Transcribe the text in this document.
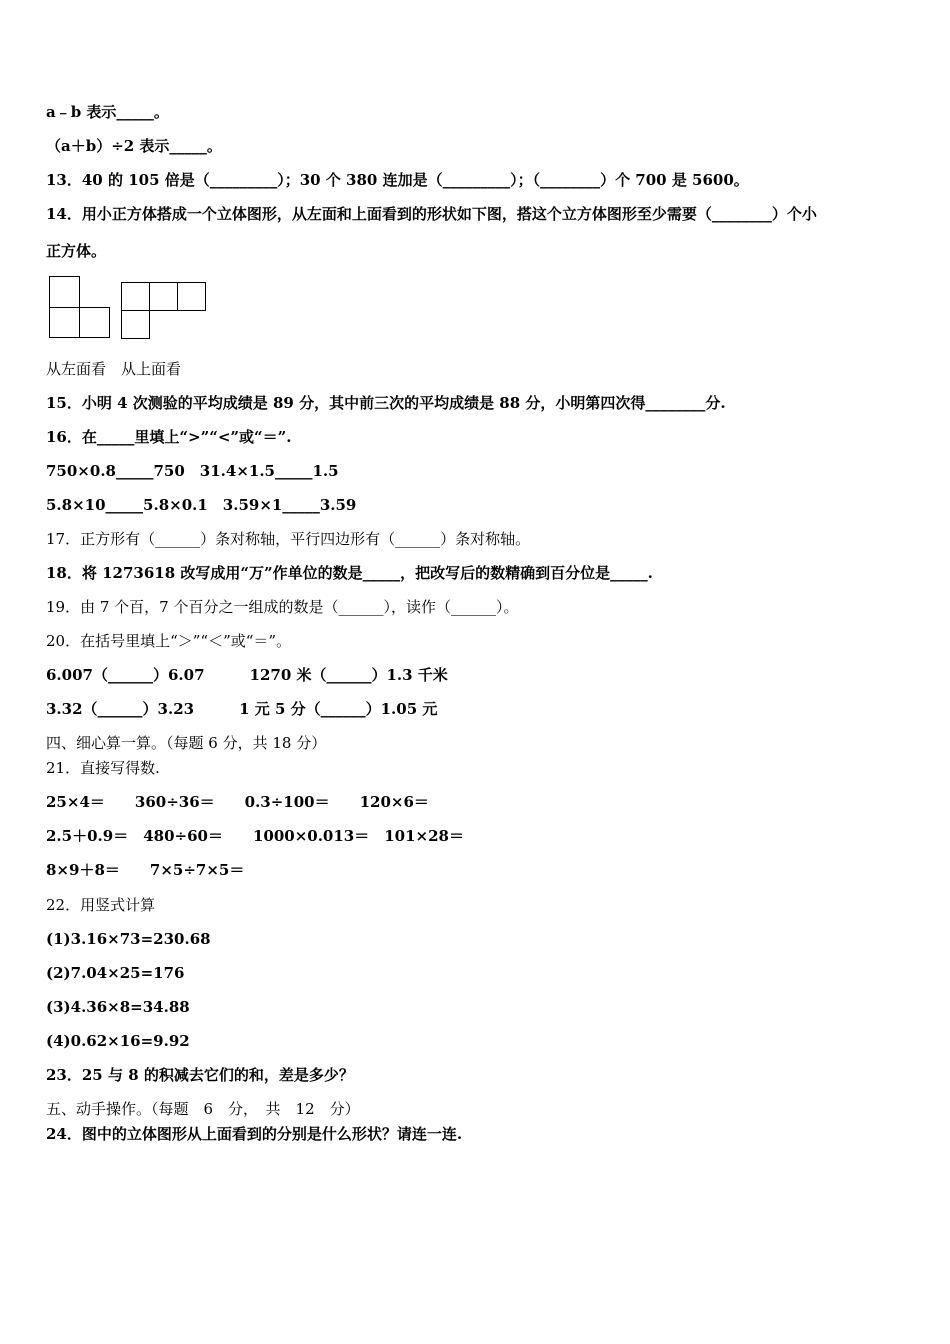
a﹣b 表示_____。
（a＋b）÷2 表示_____。
13．40 的 105 倍是（_________）；30 个 380 连加是（_________）；（________）个 700 是 5600。
14．用小正方体搭成一个立体图形，从左面和上面看到的形状如下图，搭这个立方体图形至少需要（________）个小
正方体。
从左面看　从上面看
15．小明 4 次测验的平均成绩是 89 分，其中前三次的平均成绩是 88 分，小明第四次得________分.
16．在_____里填上“>”“<”或“＝”.
750×0.8_____750　31.4×1.5_____1.5
5.8×10_____5.8×0.1　3.59×1_____3.59
17．正方形有（______）条对称轴，平行四边形有（______）条对称轴。
18．将 1273618 改写成用“万”作单位的数是_____，把改写后的数精确到百分位是_____.
19．由 7 个百，7 个百分之一组成的数是（______），读作（______）。
20．在括号里填上“＞”“＜”或“＝”。
6.007（______）6.07　　　1270 米（______）1.3 千米
3.32（______）3.23　　　1 元 5 分（______）1.05 元
四、细心算一算。（每题 6 分，共 18 分）
21．直接写得数.
25×4＝　　360÷36＝　　0.3÷100＝　　120×6＝
2.5＋0.9＝　480÷60＝　　1000×0.013＝　101×28＝
8×9＋8＝　　7×5÷7×5＝
22．用竖式计算
(1)3.16×73=230.68
(2)7.04×25=176
(3)4.36×8=34.88
(4)0.62×16=9.92
23．25 与 8 的积减去它们的和，差是多少？
五、动手操作。（每题　6　分，　共　12　分）
24．图中的立体图形从上面看到的分别是什么形状？请连一连.
